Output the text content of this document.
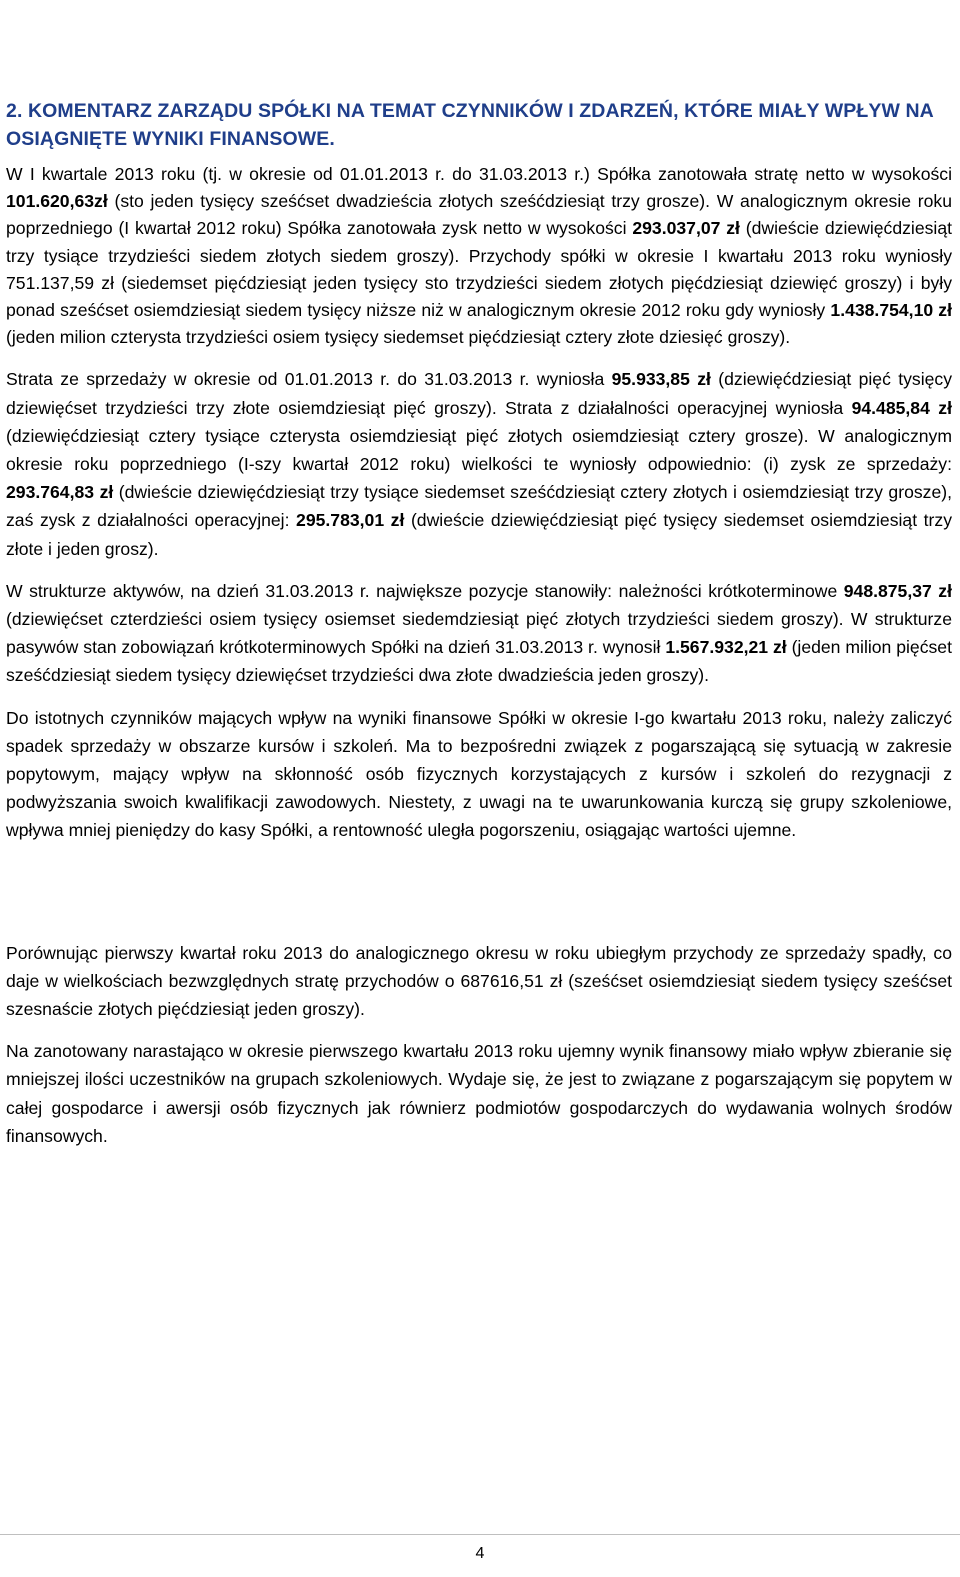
2. KOMENTARZ ZARZĄDU SPÓŁKI NA TEMAT CZYNNIKÓW I ZDARZEŃ, KTÓRE MIAŁY WPŁYW NA OSIĄGNIĘTE WYNIKI FINANSOWE.

W I kwartale 2013 roku (tj. w okresie od 01.01.2013 r. do 31.03.2013 r.) Spółka zanotowała stratę netto w wysokości 101.620,63zł (sto jeden tysięcy sześćset dwadzieścia złotych sześćdziesiąt trzy grosze). W analogicznym okresie roku poprzedniego (I kwartał 2012 roku) Spółka zanotowała zysk netto w wysokości 293.037,07 zł (dwieście dziewięćdziesiąt trzy tysiące trzydzieści siedem złotych siedem groszy). Przychody spółki w okresie I kwartału 2013 roku wyniosły 751.137,59 zł (siedemset pięćdziesiąt jeden tysięcy sto trzydzieści siedem złotych pięćdziesiąt dziewięć groszy) i były ponad sześćset osiemdziesiąt siedem tysięcy niższe niż w analogicznym okresie 2012 roku gdy wyniosły 1.438.754,10 zł (jeden milion czterysta trzydzieści osiem tysięcy siedemset pięćdziesiąt cztery złote dziesięć groszy).

Strata ze sprzedaży w okresie od 01.01.2013 r. do 31.03.2013 r. wyniosła 95.933,85 zł (dziewięćdziesiąt pięć tysięcy dziewięćset trzydzieści trzy złote osiemdziesiąt pięć groszy). Strata z działalności operacyjnej wyniosła 94.485,84 zł (dziewięćdziesiąt cztery tysiące czterysta osiemdziesiąt pięć złotych osiemdziesiąt cztery grosze). W analogicznym okresie roku poprzedniego (I-szy kwartał 2012 roku) wielkości te wyniosły odpowiednio: (i) zysk ze sprzedaży: 293.764,83 zł (dwieście dziewięćdziesiąt trzy tysiące siedemset sześćdziesiąt cztery złotych i osiemdziesiąt trzy grosze), zaś zysk z działalności operacyjnej: 295.783,01 zł (dwieście dziewięćdziesiąt pięć tysięcy siedemset osiemdziesiąt trzy złote i jeden grosz).

W strukturze aktywów, na dzień 31.03.2013 r. największe pozycje stanowiły: należności krótkoterminowe 948.875,37 zł (dziewięćset czterdzieści osiem tysięcy osiemset siedemdziesiąt pięć złotych trzydzieści siedem groszy). W strukturze pasywów stan zobowiązań krótkoterminowych Spółki na dzień 31.03.2013 r. wynosił 1.567.932,21 zł (jeden milion pięćset sześćdziesiąt siedem tysięcy dziewięćset trzydzieści dwa złote dwadzieścia jeden groszy).

Do istotnych czynników mających wpływ na wyniki finansowe Spółki w okresie I-go kwartału 2013 roku, należy zaliczyć spadek sprzedaży w obszarze kursów i szkoleń. Ma to bezpośredni związek z pogarszającą się sytuacją w zakresie popytowym, mający wpływ na skłonność osób fizycznych korzystających z kursów i szkoleń do rezygnacji z podwyższania swoich kwalifikacji zawodowych. Niestety, z uwagi na te uwarunkowania kurczą się grupy szkoleniowe, wpływa mniej pieniędzy do kasy Spółki, a rentowność uległa pogorszeniu, osiągając wartości ujemne.

Porównując pierwszy kwartał roku 2013 do analogicznego okresu w roku ubiegłym przychody ze sprzedaży spadły, co daje w wielkościach bezwzględnych stratę przychodów o 687616,51 zł (sześćset osiemdziesiąt siedem tysięcy sześćset szesnaście złotych pięćdziesiąt jeden groszy).

Na zanotowany narastająco w okresie pierwszego kwartału 2013 roku ujemny wynik finansowy miało wpływ zbieranie się mniejszej ilości uczestników na grupach szkoleniowych. Wydaje się, że jest to związane z pogarszającym się popytem w całej gospodarce i awersji osób fizycznych jak równierz podmiotów gospodarczych do wydawania wolnych środów finansowych.

4
